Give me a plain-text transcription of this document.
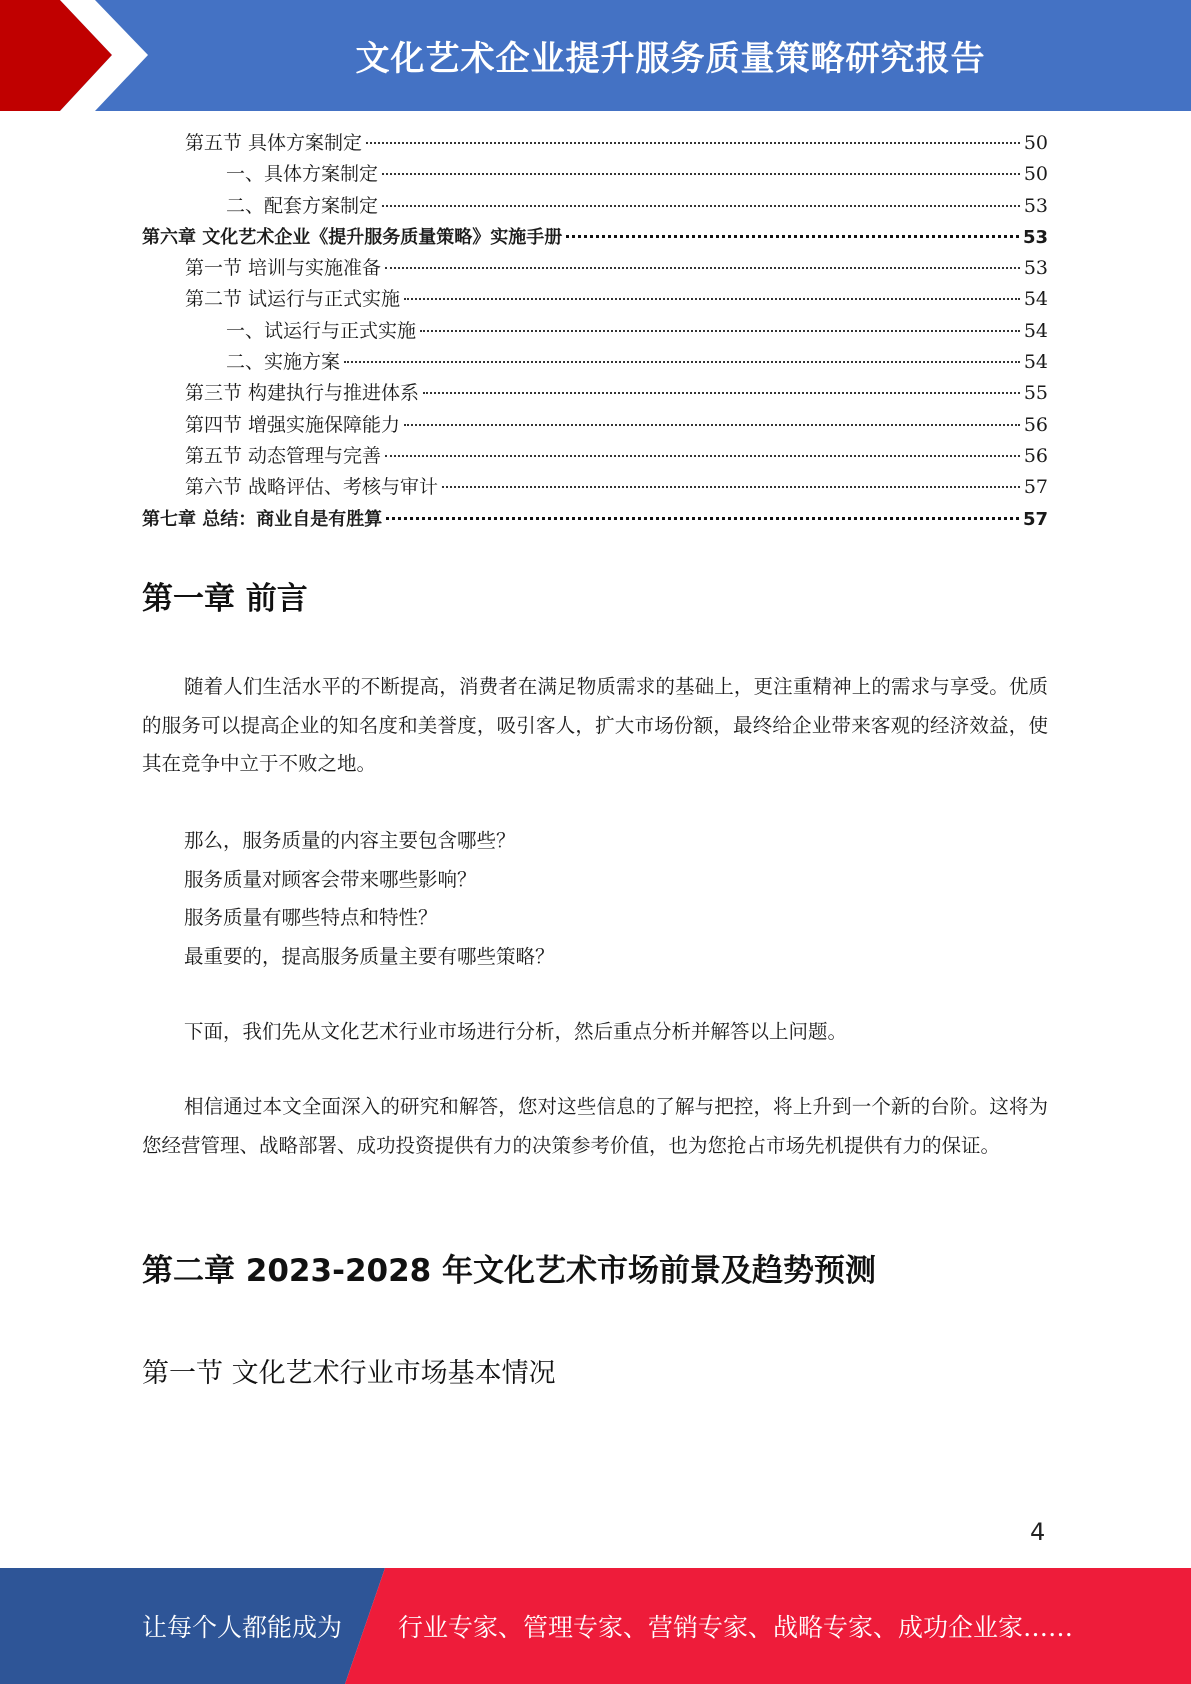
文化艺术企业提升服务质量策略研究报告
第五节 具体方案制定	50
一、具体方案制定	50
二、配套方案制定	53
第六章 文化艺术企业《提升服务质量策略》实施手册	53
第一节 培训与实施准备	53
第二节 试运行与正式实施	54
一、试运行与正式实施	54
二、实施方案	54
第三节 构建执行与推进体系	55
第四节 增强实施保障能力	56
第五节 动态管理与完善	56
第六节 战略评估、考核与审计	57
第七章 总结：商业自是有胜算	57
第一章 前言

随着人们生活水平的不断提高，消费者在满足物质需求的基础上，更注重精神上的需求与享受。优质的服务可以提高企业的知名度和美誉度，吸引客人，扩大市场份额，最终给企业带来客观的经济效益，使其在竞争中立于不败之地。

那么，服务质量的内容主要包含哪些？
服务质量对顾客会带来哪些影响？
服务质量有哪些特点和特性？
最重要的，提高服务质量主要有哪些策略？

下面，我们先从文化艺术行业市场进行分析，然后重点分析并解答以上问题。

相信通过本文全面深入的研究和解答，您对这些信息的了解与把控，将上升到一个新的台阶。这将为您经营管理、战略部署、成功投资提供有力的决策参考价值，也为您抢占市场先机提供有力的保证。

第二章 2023-2028 年文化艺术市场前景及趋势预测
第一节 文化艺术行业市场基本情况
4
让每个人都能成为 行业专家、管理专家、营销专家、战略专家、成功企业家……
